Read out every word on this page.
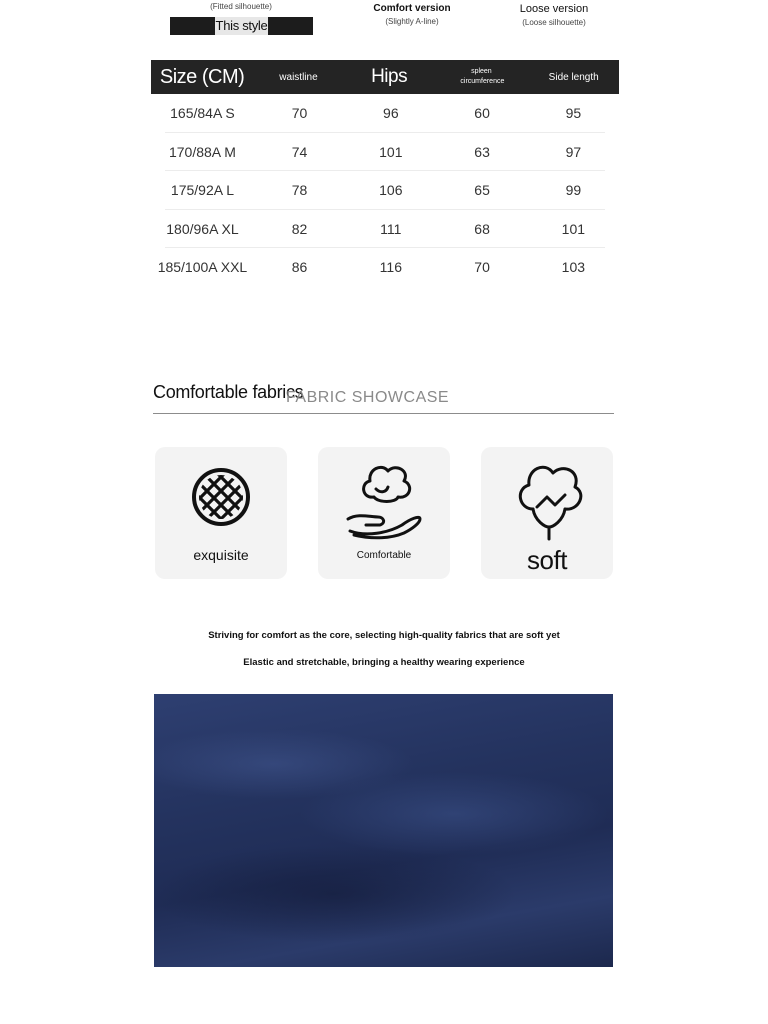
(Fitted silhouette)
This style
Comfort version
(Slightly A-line)
Loose version
(Loose silhouette)
Size (CM)	waistline	Hips	spleen circumference	Side length
165/84A S	70	96	60	95
170/88A M	74	101	63	97
175/92A L	78	106	65	99
180/96A XL	82	111	68	101
185/100A XXL	86	116	70	103
Comfortable fabrics
FABRIC SHOWCASE
exquisite	Comfortable	soft
Striving for comfort as the core, selecting high-quality fabrics that are soft yet
Elastic and stretchable, bringing a healthy wearing experience
